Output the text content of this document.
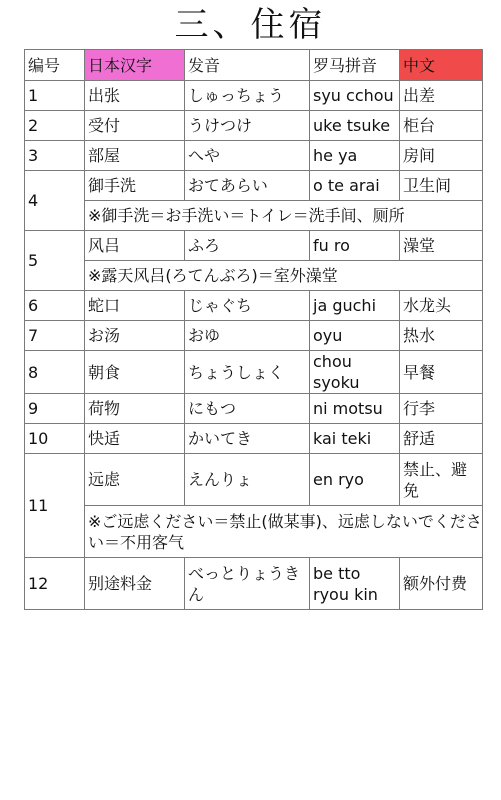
三、住宿
编号	日本汉字	发音	罗马拼音	中文
1	出张	しゅっちょう	syu cchou	出差
2	受付	うけつけ	uke tsuke	柜台
3	部屋	へや	he ya	房间
4	御手洗	おてあらい	o te arai	卫生间
	※御手洗＝お手洗い＝トイレ＝洗手间、厕所			
5	风吕	ふろ	fu ro	澡堂
	※露天风吕(ろてんぶろ)＝室外澡堂			
6	蛇口	じゃぐち	ja guchi	水龙头
7	お汤	おゆ	oyu	热水
8	朝食	ちょうしょく	chou syoku	早餐
9	荷物	にもつ	ni motsu	行李
10	快适	かいてき	kai teki	舒适
11	远虑	えんりょ	en ryo	禁止、避免
	※ご远虑ください＝禁止(做某事)、远虑しないでください＝不用客气			
12	别途料金	べっとりょうきん	be tto ryou kin	额外付费
